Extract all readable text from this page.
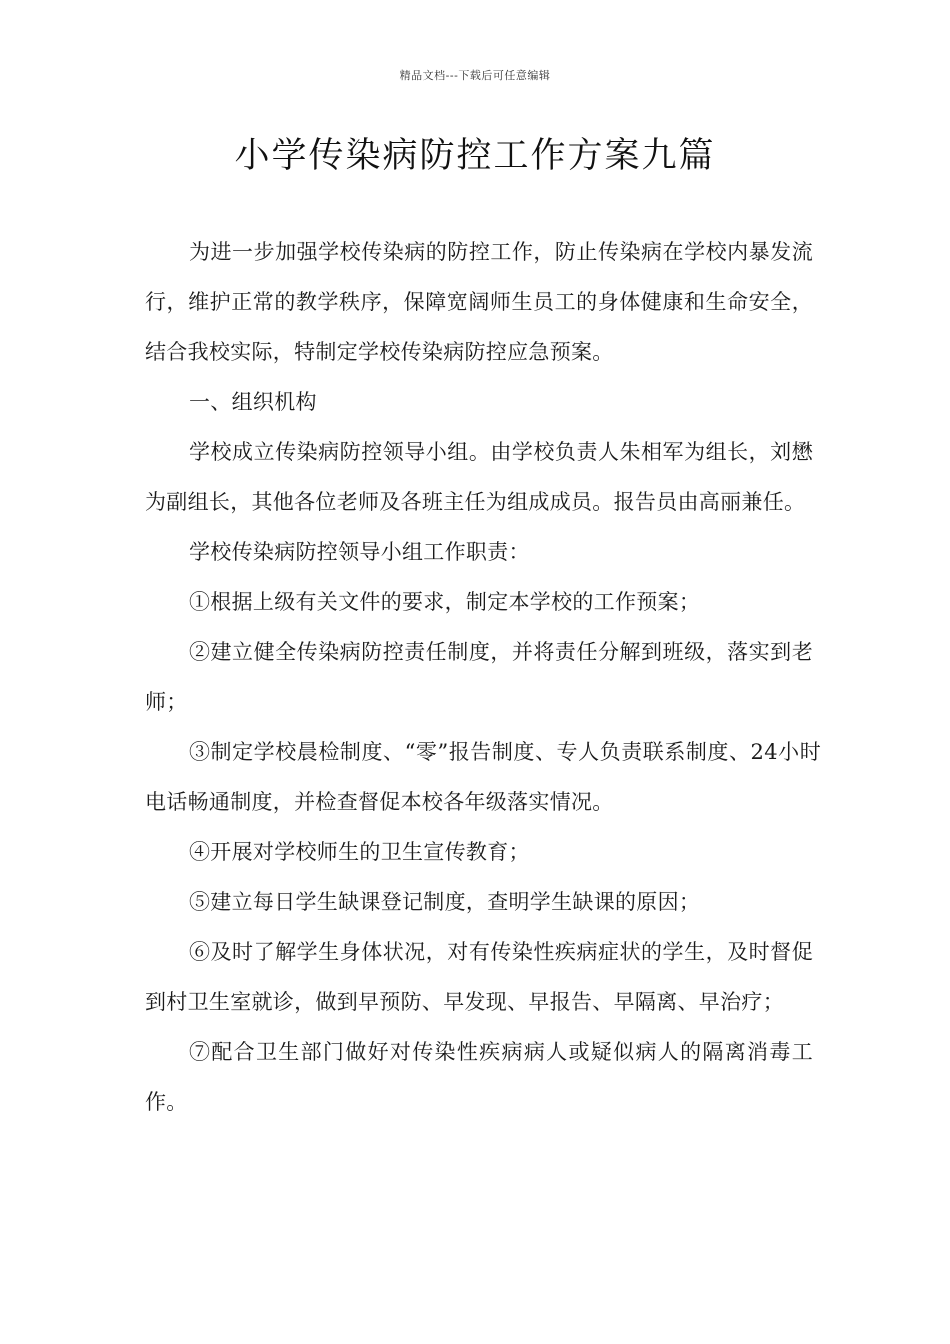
精品文档---下载后可任意编辑
小学传染病防控工作方案九篇

为进一步加强学校传染病的防控工作，防止传染病在学校内暴发流行，维护正常的教学秩序，保障宽阔师生员工的身体健康和生命安全，结合我校实际，特制定学校传染病防控应急预案。

一、组织机构

学校成立传染病防控领导小组。由学校负责人朱相军为组长，刘懋为副组长，其他各位老师及各班主任为组成成员。报告员由高丽兼任。

学校传染病防控领导小组工作职责：

①根据上级有关文件的要求，制定本学校的工作预案；

②建立健全传染病防控责任制度，并将责任分解到班级，落实到老师；

③制定学校晨检制度、“零”报告制度、专人负责联系制度、24小时电话畅通制度，并检查督促本校各年级落实情况。

④开展对学校师生的卫生宣传教育；

⑤建立每日学生缺课登记制度，查明学生缺课的原因；

⑥及时了解学生身体状况，对有传染性疾病症状的学生，及时督促到村卫生室就诊，做到早预防、早发现、早报告、早隔离、早治疗；

⑦配合卫生部门做好对传染性疾病病人或疑似病人的隔离消毒工作。
